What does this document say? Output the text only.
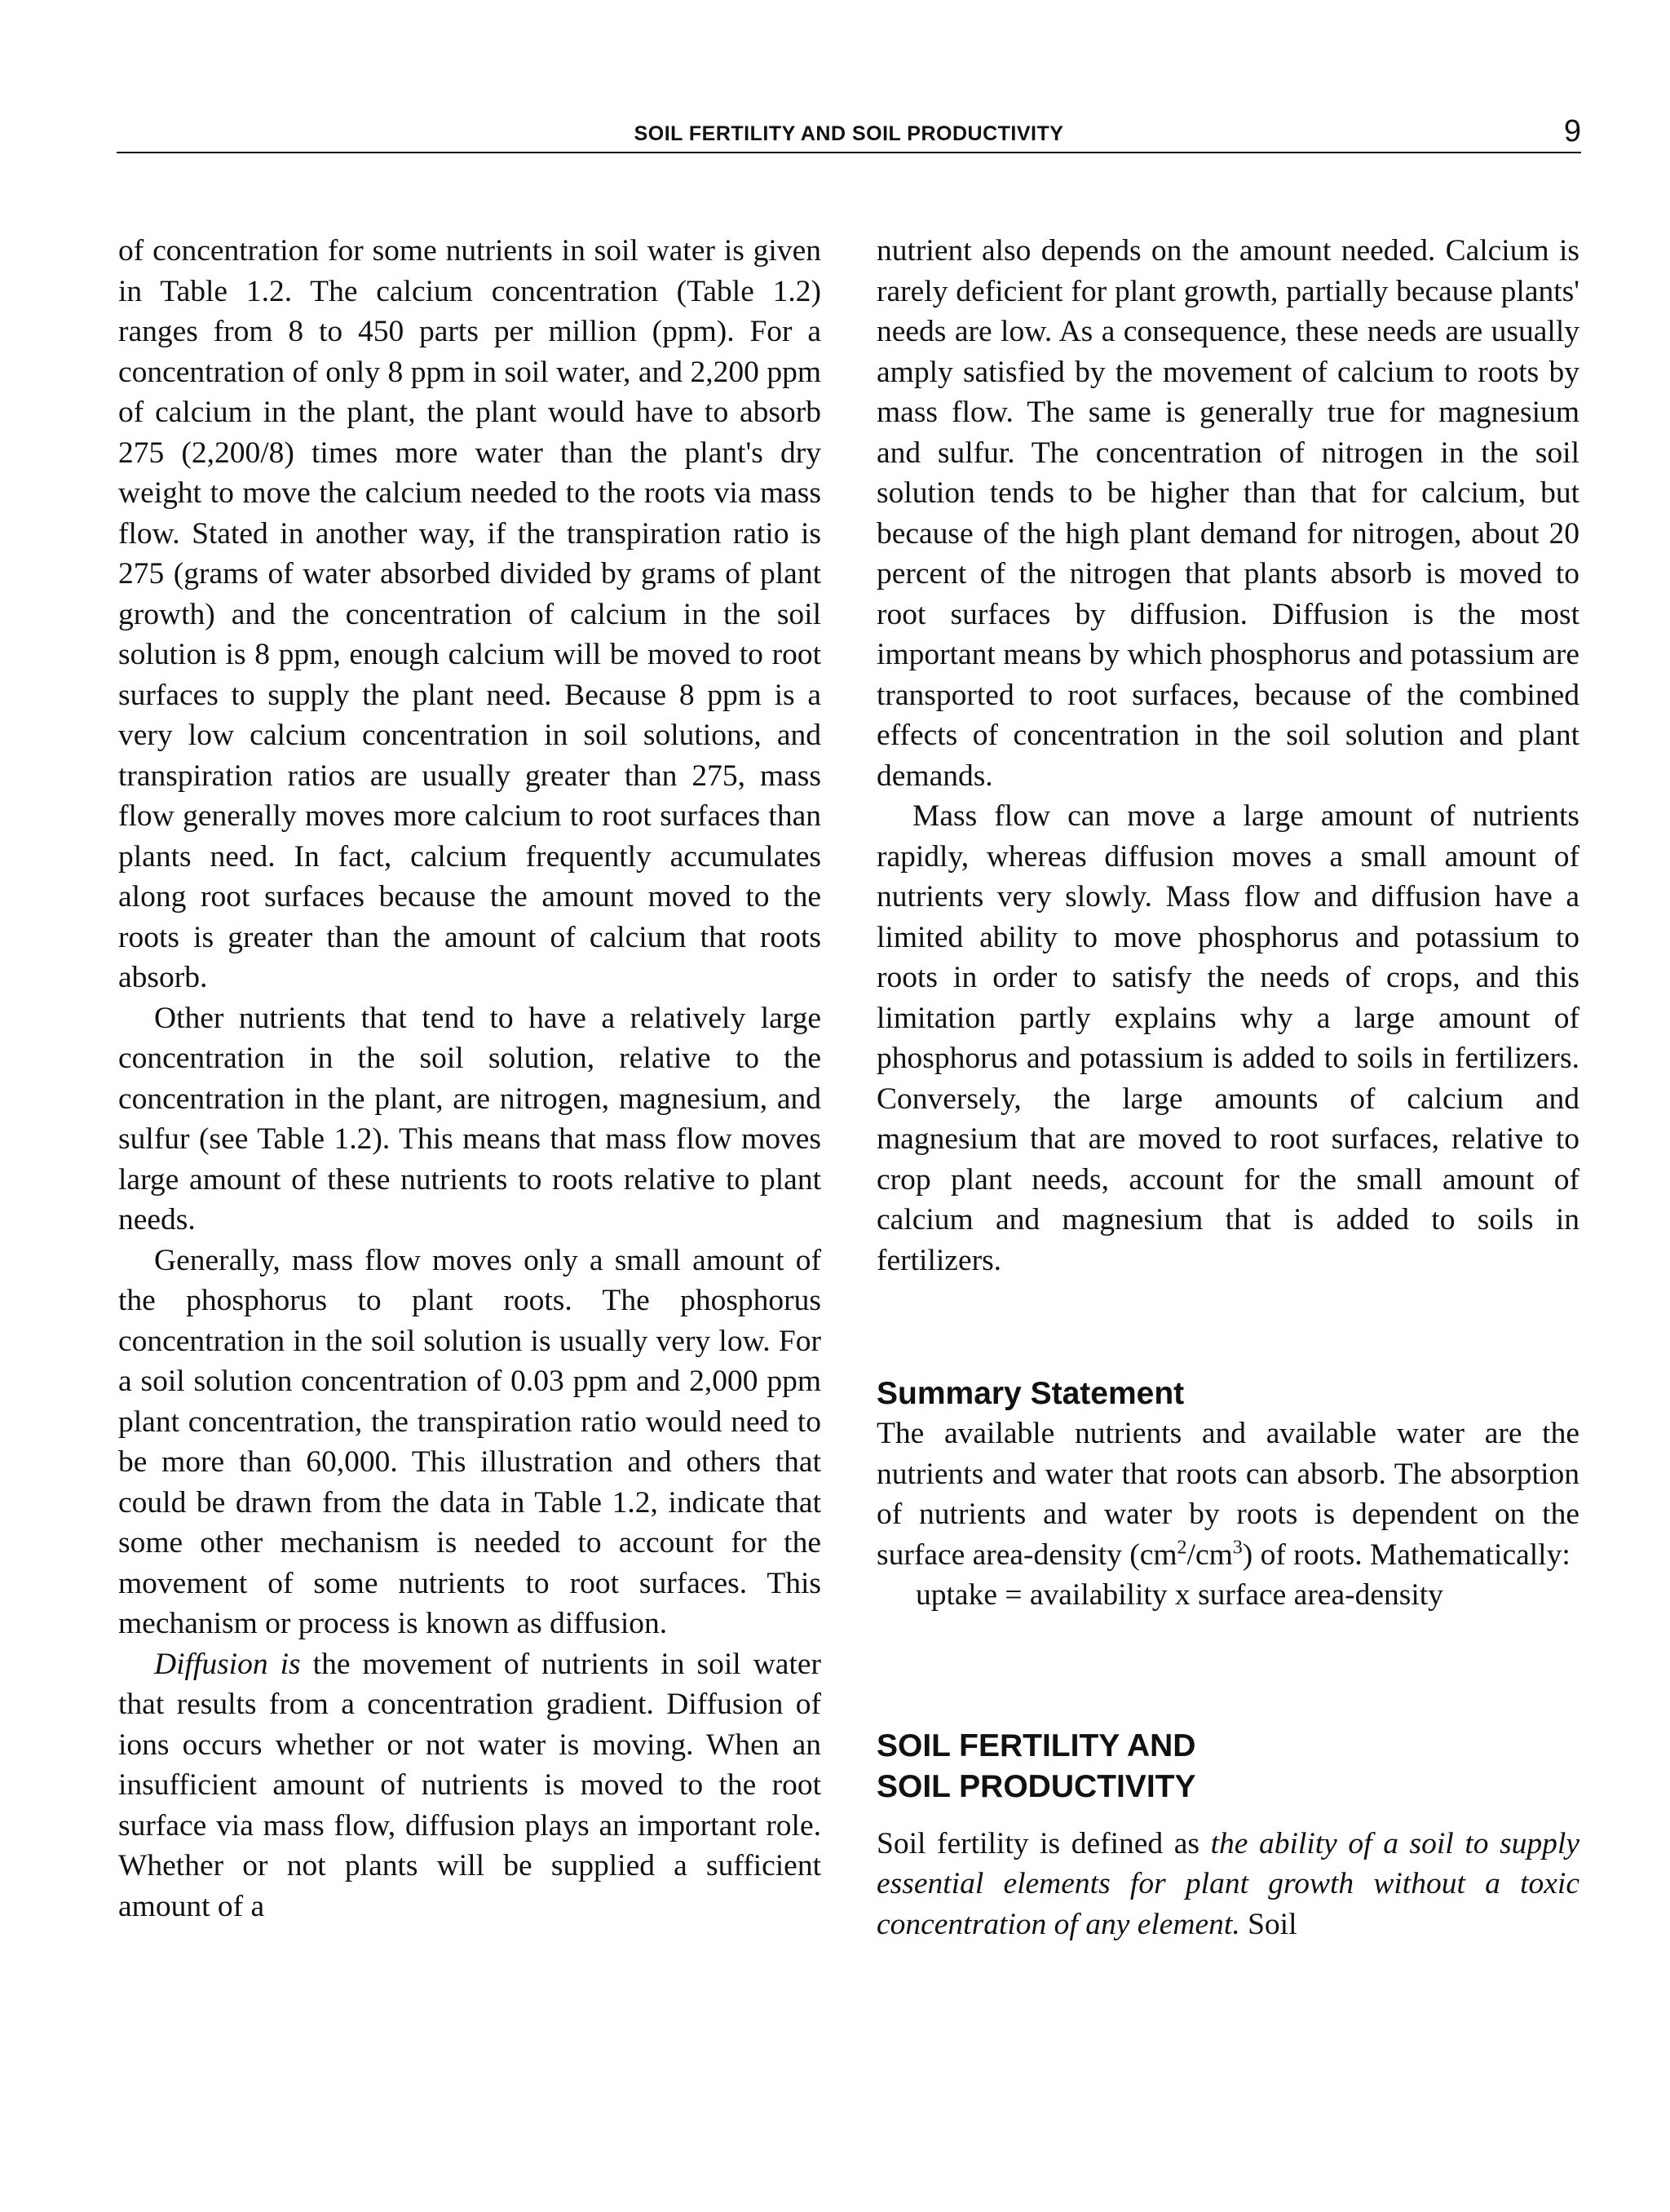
SOIL FERTILITY AND SOIL PRODUCTIVITY	9

of concentration for some nutrients in soil water is given in Table 1.2. The calcium concentration (Table 1.2) ranges from 8 to 450 parts per million (ppm). For a concentration of only 8 ppm in soil water, and 2,200 ppm of calcium in the plant, the plant would have to absorb 275 (2,200/8) times more water than the plant's dry weight to move the calcium needed to the roots via mass flow. Stated in another way, if the transpiration ratio is 275 (grams of water absorbed divided by grams of plant growth) and the concentration of calcium in the soil solution is 8 ppm, enough calcium will be moved to root surfaces to supply the plant need. Because 8 ppm is a very low calcium concentration in soil solutions, and transpiration ratios are usually greater than 275, mass flow generally moves more calcium to root surfaces than plants need. In fact, calcium frequently accumulates along root surfaces because the amount moved to the roots is greater than the amount of calcium that roots absorb.

Other nutrients that tend to have a relatively large concentration in the soil solution, relative to the concentration in the plant, are nitrogen, magnesium, and sulfur (see Table 1.2). This means that mass flow moves large amount of these nutrients to roots relative to plant needs.

Generally, mass flow moves only a small amount of the phosphorus to plant roots. The phosphorus concentration in the soil solution is usually very low. For a soil solution concentration of 0.03 ppm and 2,000 ppm plant concentration, the transpiration ratio would need to be more than 60,000. This illustration and others that could be drawn from the data in Table 1.2, indicate that some other mechanism is needed to account for the movement of some nutrients to root surfaces. This mechanism or process is known as diffusion.

Diffusion is the movement of nutrients in soil water that results from a concentration gradient. Diffusion of ions occurs whether or not water is moving. When an insufficient amount of nutrients is moved to the root surface via mass flow, diffusion plays an important role. Whether or not plants will be supplied a sufficient amount of a

nutrient also depends on the amount needed. Calcium is rarely deficient for plant growth, partially because plants' needs are low. As a consequence, these needs are usually amply satisfied by the movement of calcium to roots by mass flow. The same is generally true for magnesium and sulfur. The concentration of nitrogen in the soil solution tends to be higher than that for calcium, but because of the high plant demand for nitrogen, about 20 percent of the nitrogen that plants absorb is moved to root surfaces by diffusion. Diffusion is the most important means by which phosphorus and potassium are transported to root surfaces, because of the combined effects of concentration in the soil solution and plant demands.

Mass flow can move a large amount of nutrients rapidly, whereas diffusion moves a small amount of nutrients very slowly. Mass flow and diffusion have a limited ability to move phosphorus and potassium to roots in order to satisfy the needs of crops, and this limitation partly explains why a large amount of phosphorus and potassium is added to soils in fertilizers. Conversely, the large amounts of calcium and magnesium that are moved to root surfaces, relative to crop plant needs, account for the small amount of calcium and magnesium that is added to soils in fertilizers.

Summary Statement

The available nutrients and available water are the nutrients and water that roots can absorb. The absorption of nutrients and water by roots is dependent on the surface area-density $(cm^2/cm^3)$ of roots. Mathematically:

uptake = availability x surface area-density

SOIL FERTILITY AND
SOIL PRODUCTIVITY

Soil fertility is defined as the ability of a soil to supply essential elements for plant growth without a toxic concentration of any element. Soil
